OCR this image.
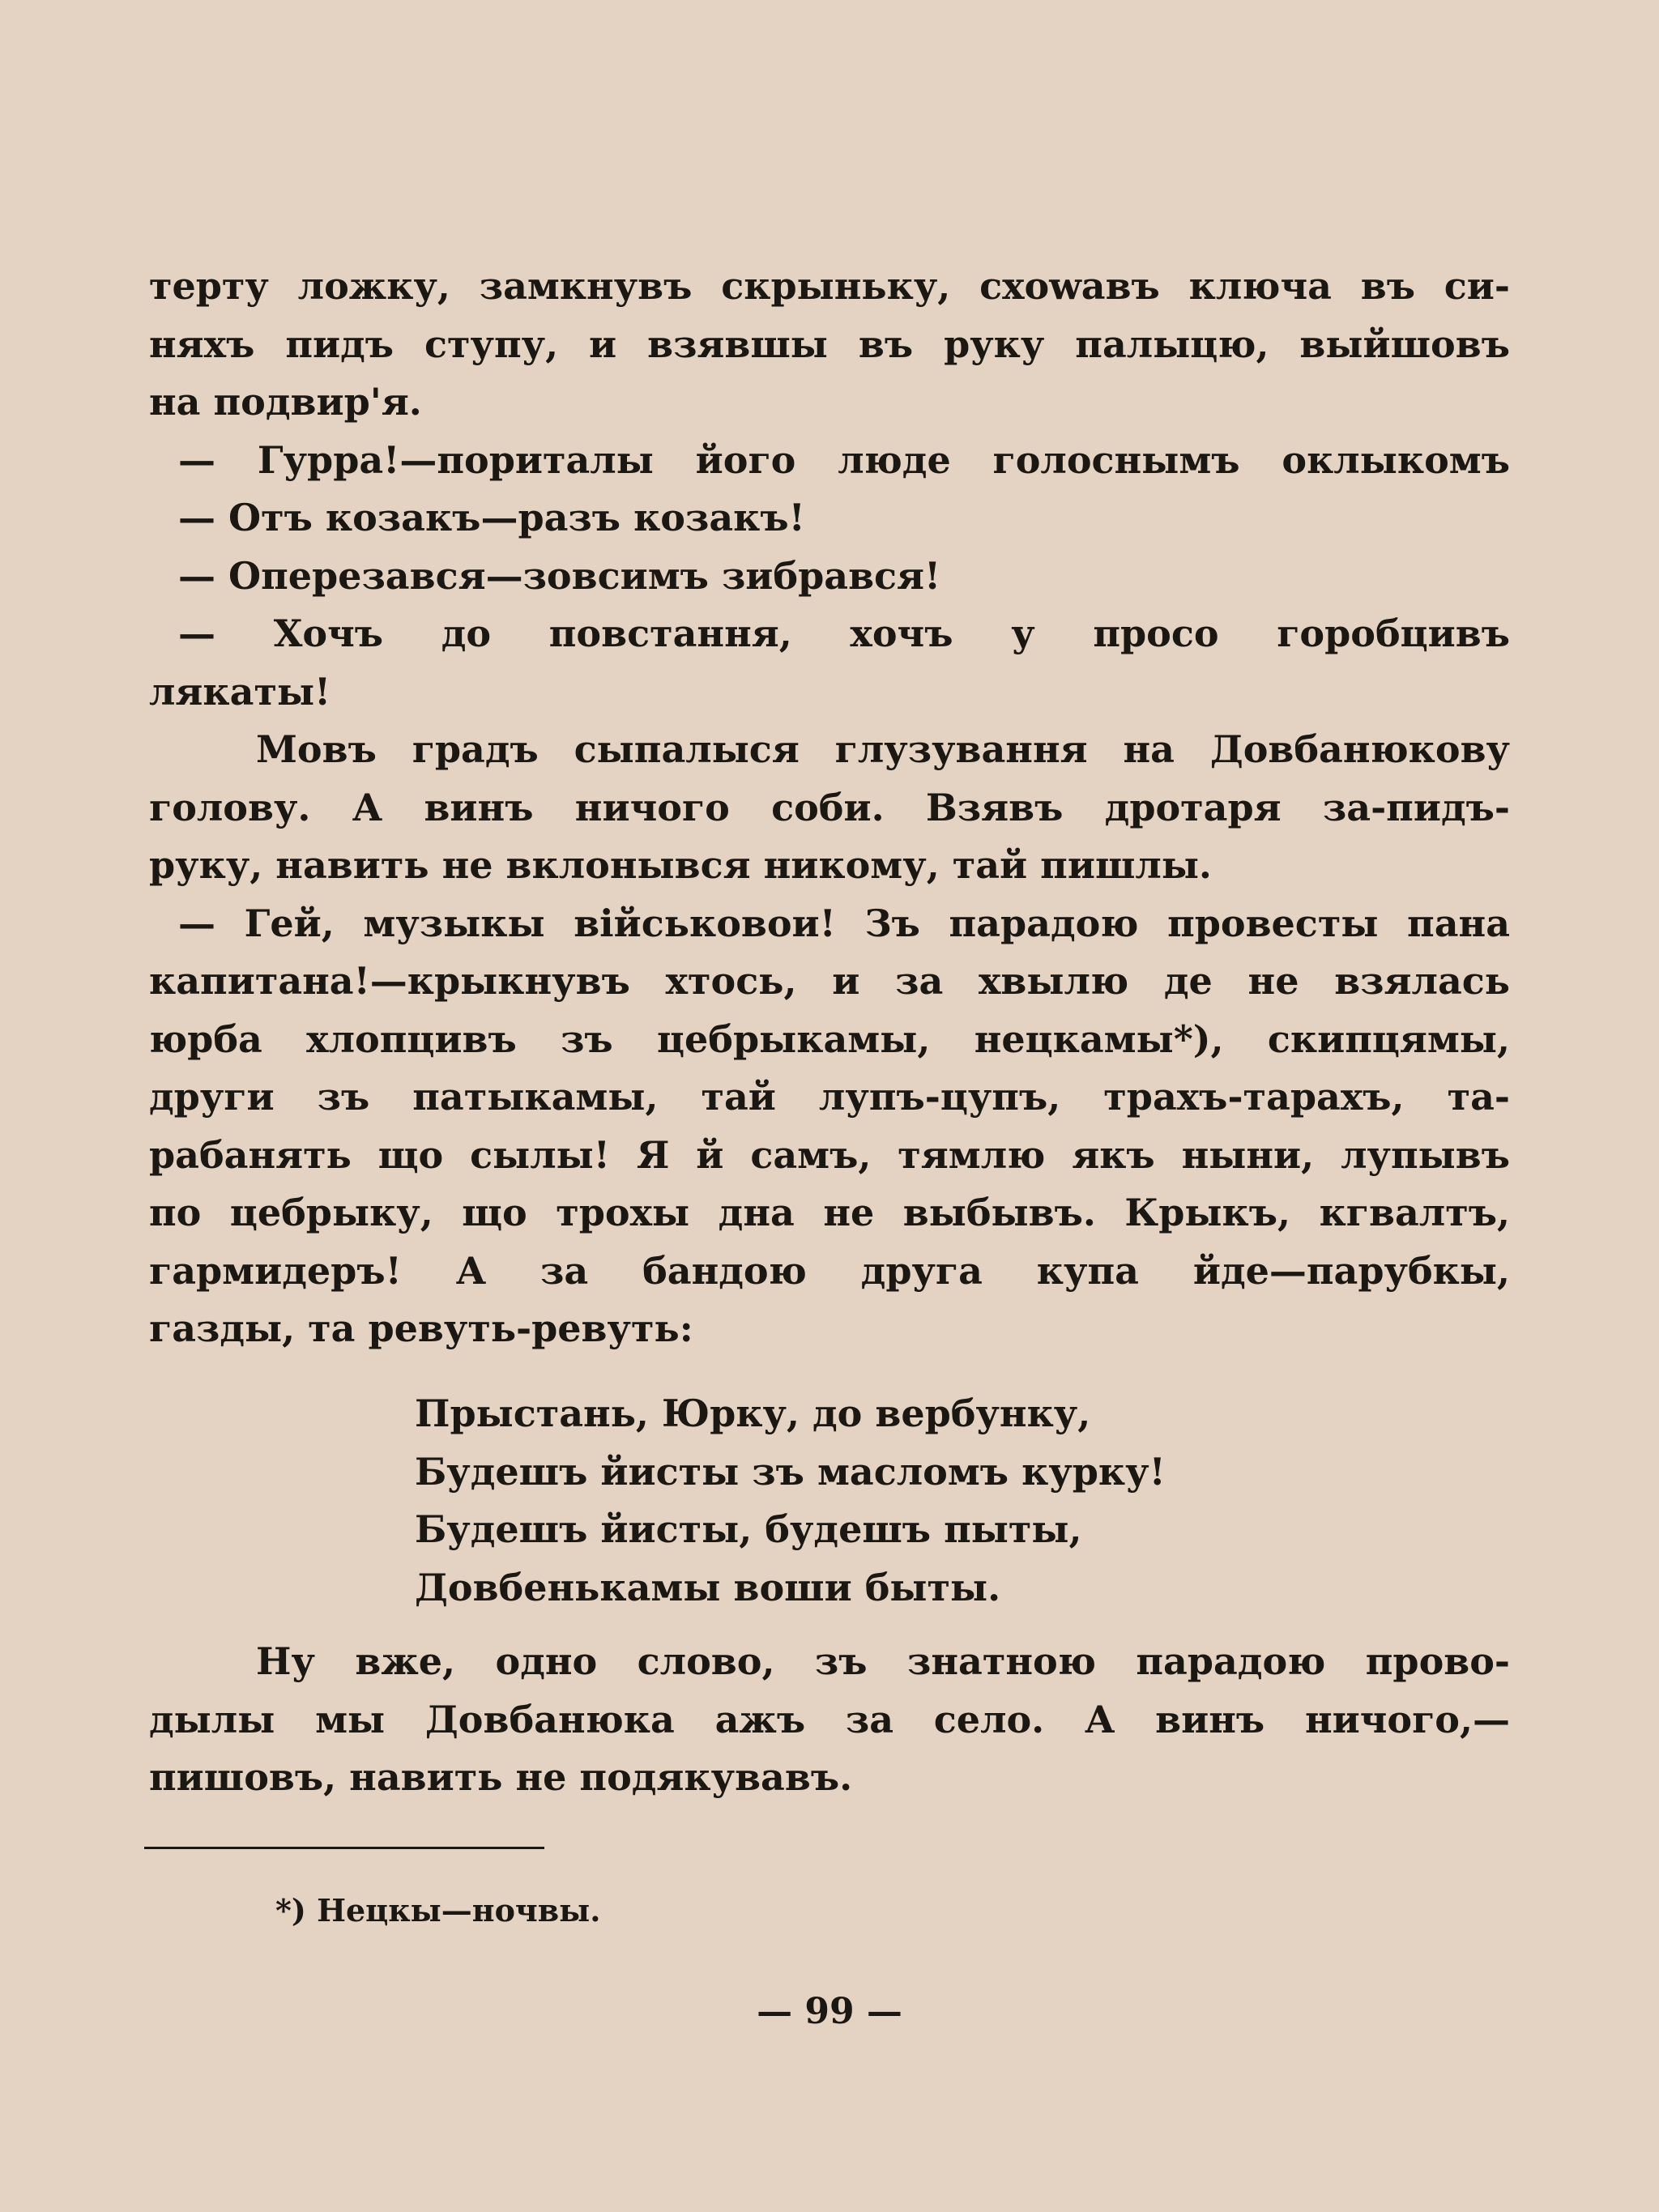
терту ложку, замкнувъ скрыньку, схowавъ ключа въ си-
няхъ пидъ ступу, и взявшы въ руку палыцю, выйшовъ
на подвир'я.
— Гурра!—поритaлы його люде голоснымъ оклыкомъ
— Отъ козакъ—разъ козакъ!
— Оперезався—зовсимъ зибрався!
— Хочъ до повстання, хочъ у просо горобцивъ
лякаты!
Мовъ градъ сыпалыся глузування на Довбанюкову
голову. А винъ ничого соби. Взявъ дротаря за-пидъ-
руку, навить не вклонывся никому, тай пишлы.
— Гей, музыкы військовои! Зъ парадою провесты пана
капитана!—крыкнувъ хтось, и за хвылю де не взялась
юрба хлопцивъ зъ цебрыкамы, нецкамы*), скипцямы,
други зъ патыкамы, тай лупъ-цупъ, трахъ-тарахъ, та-
рабанять що сылы! Я й самъ, тямлю якъ ныни, лупывъ
по цебрыку, що трохы дна не выбывъ. Крыкъ, кгвалтъ,
гармидеръ! А за бандою друга купа йде—парубкы,
газды, та ревуть-ревуть:
Прыстань, Юрку, до вербунку,
Будешъ йисты зъ масломъ курку!
Будешъ йисты, будешъ пыты,
Довбенькамы воши быты.
Ну вже, одно слово, зъ знатною парадою прово-
дылы мы Довбанюка ажъ за село. А винъ ничого,—
пишовъ, навить не подякувавъ.
*) Нецкы—ночвы.
— 99 —
